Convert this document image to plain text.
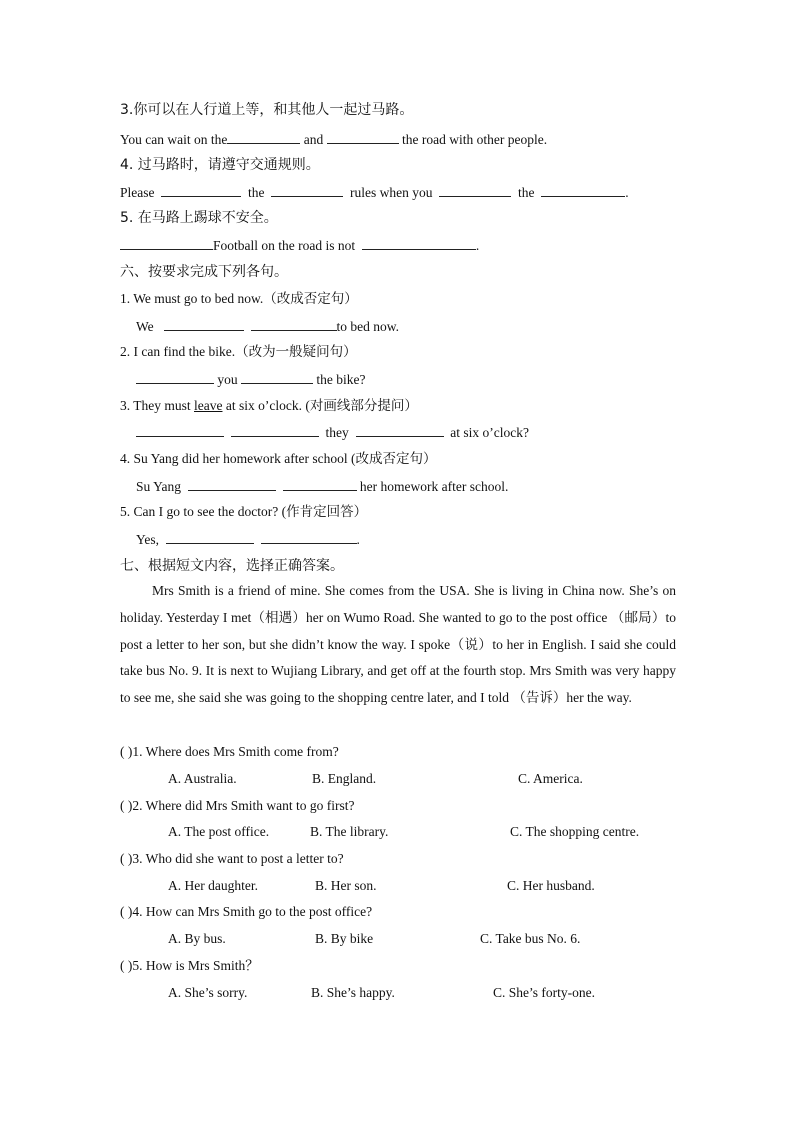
3.你可以在人行道上等，和其他人一起过马路。
You can wait on the	and	the road with other people.
4. 过马路时，请遵守交通规则。
Please	the	rules when you	the	.
5. 在马路上踢球不安全。
Football on the road is not	.
六、按要求完成下列各句。
1. We must go to bed now.（改成否定句）
We	to bed now.
2. I can find the bike.（改为一般疑问句）
you	the bike?
3. They must leave at six o’clock. (对画线部分提问）
they	at six o’clock?
4. Su Yang did her homework after school (改成否定句）
Su Yang	her homework after school.
5. Can I go to see the doctor? (作肯定回答）
Yes,	.
七、根据短文内容，选择正确答案。
Mrs Smith is a friend of mine. She comes from the USA. She is living in China now. She’s on holiday. Yesterday I met（相遇）her on Wumo Road. She wanted to go to the post office （邮局）to post a letter to her son, but she didn’t know the way. I spoke（说）to her in English. I said she could take bus No. 9. It is next to Wujiang Library, and get off at the fourth stop. Mrs Smith was very happy to see me, she said she was going to the shopping centre later, and I told （告诉）her the way.
( )1. Where does Mrs Smith come from?
A. Australia.	B. England.	C. America.
( )2. Where did Mrs Smith want to go first?
A. The post office.	B. The library.	C. The shopping centre.
( )3. Who did she want to post a letter to?
A. Her daughter.	B. Her son.	C. Her husband.
( )4. How can Mrs Smith go to the post office?
A. By bus.	B. By bike	C. Take bus No. 6.
( )5. How is Mrs Smith？
A. She’s sorry.	B. She’s happy.	C. She’s forty-one.
